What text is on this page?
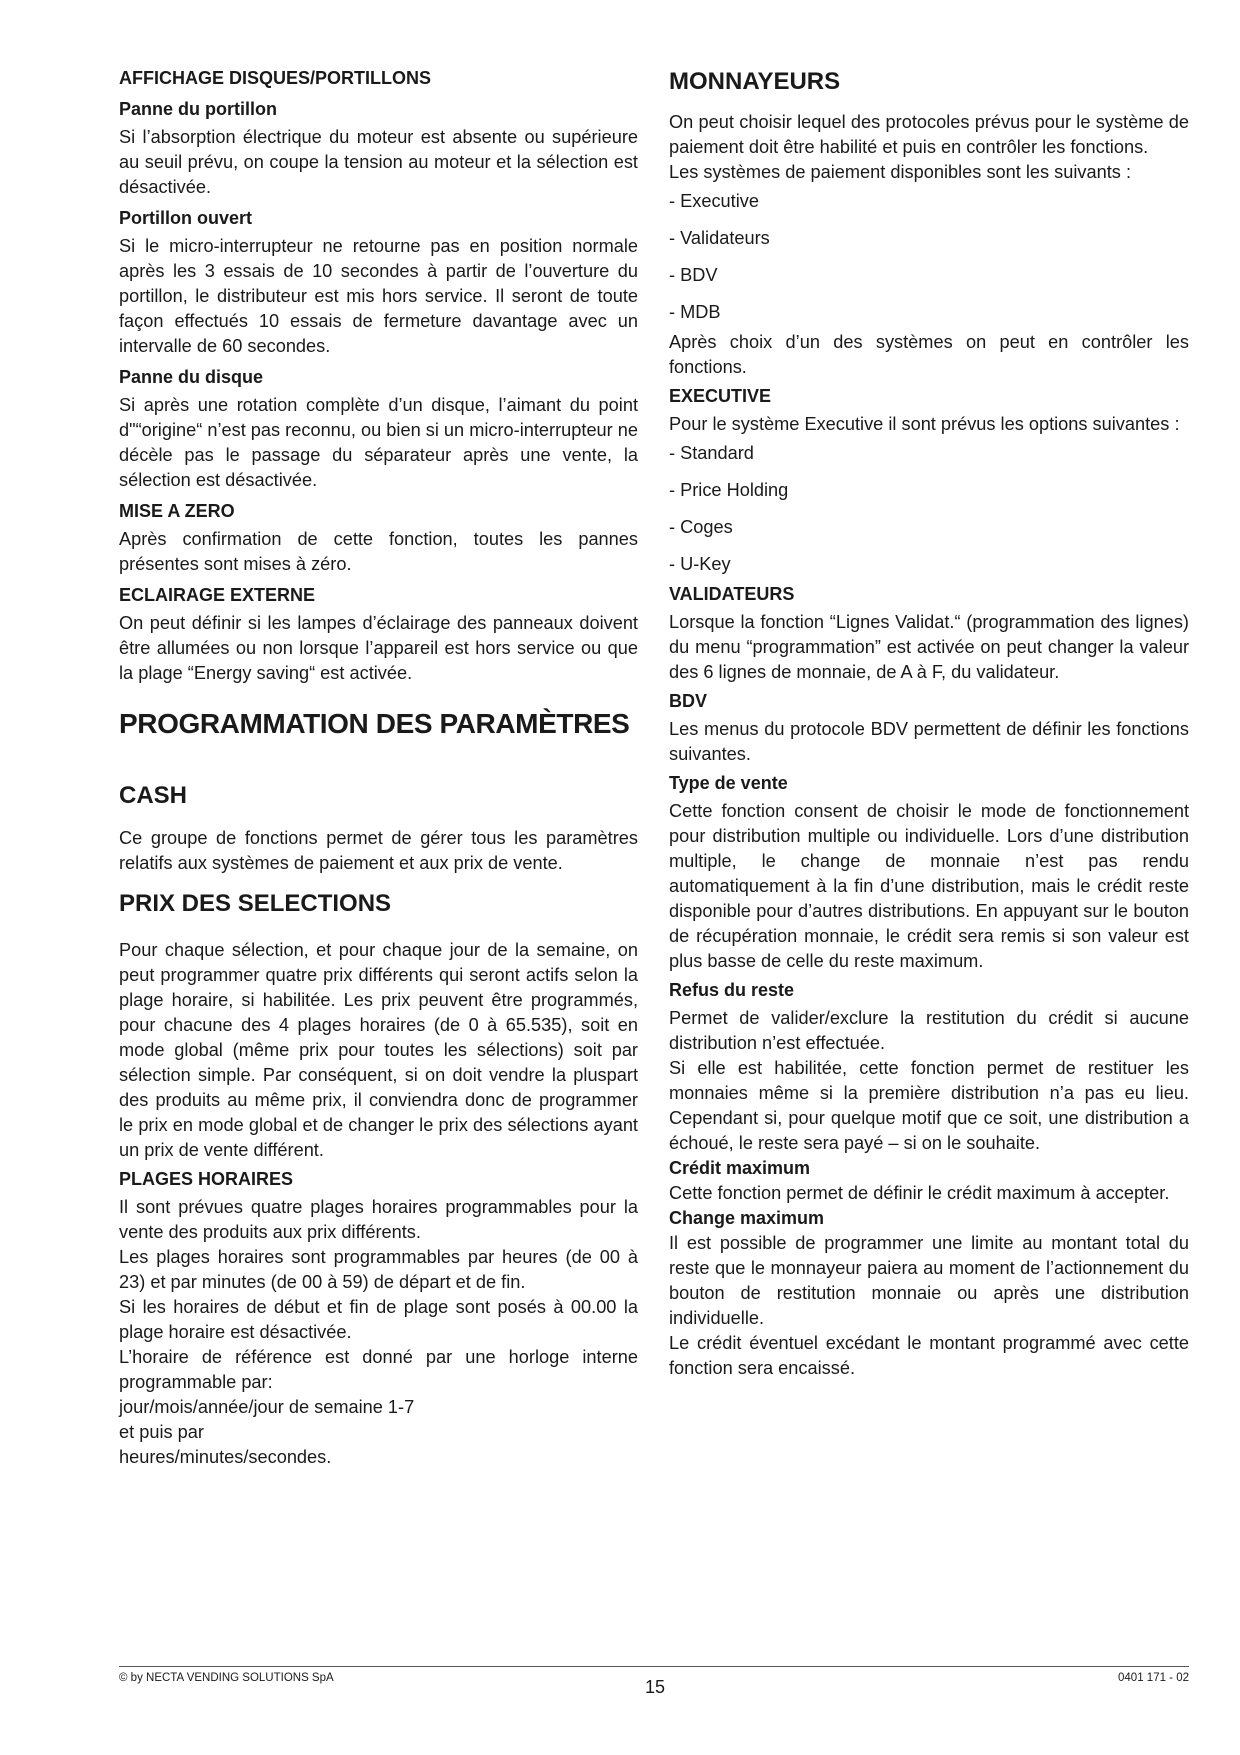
AFFICHAGE DISQUES/PORTILLONS

Panne du portillon

Si l’absorption électrique du moteur est absente ou supérieure au seuil prévu, on coupe la tension au moteur et la sélection est désactivée.

Portillon ouvert

Si le micro-interrupteur ne retourne pas en position normale après les 3 essais de 10 secondes à partir de l’ouverture du portillon, le distributeur est mis hors service. Il seront de toute façon effectués 10 essais de fermeture davantage avec un intervalle de 60 secondes.

Panne du disque

Si après une rotation complète d’un disque, l’aimant du point d"“origine“ n’est pas reconnu, ou bien si un micro-interrupteur ne décèle pas le passage du séparateur après une vente, la sélection est désactivée.

MISE A ZERO

Après confirmation de cette fonction, toutes les pannes présentes sont mises à zéro.

ECLAIRAGE EXTERNE

On peut définir si les lampes d’éclairage des panneaux doivent être allumées ou non lorsque l’appareil est hors service ou que la plage “Energy saving“ est activée.

PROGRAMMATION DES PARAMÈTRES

CASH

Ce groupe de fonctions permet de gérer tous les paramètres relatifs aux systèmes de paiement et aux prix de vente.

PRIX DES SELECTIONS

Pour chaque sélection, et pour chaque jour de la semaine, on peut programmer quatre prix différents qui seront actifs selon la plage horaire, si habilitée. Les prix peuvent être programmés, pour chacune des 4 plages horaires (de 0 à 65.535), soit en mode global (même prix pour toutes les sélections) soit par sélection simple. Par conséquent, si on doit vendre la pluspart des produits au même prix, il conviendra donc de programmer le prix en mode global et de changer le prix des sélections ayant un prix de vente différent.

PLAGES HORAIRES

Il sont prévues quatre plages horaires programmables pour la vente des produits aux prix différents.

Les plages horaires sont programmables par heures (de 00 à 23) et par minutes (de 00 à 59) de départ et de fin.

Si les horaires de début et fin de plage sont posés à 00.00 la plage horaire est désactivée.

L’horaire de référence est donné par une horloge interne programmable par:

jour/mois/année/jour de semaine 1-7

et puis par

heures/minutes/secondes.

MONNAYEURS

On peut choisir lequel des protocoles prévus pour le système de paiement doit être habilité et puis en contrôler les fonctions.

Les systèmes de paiement disponibles sont les suivants :

- Executive

- Validateurs

- BDV

- MDB

Après choix d’un des systèmes on peut en contrôler les fonctions.

EXECUTIVE

Pour le système Executive il sont prévus les options suivantes :

- Standard

- Price Holding

- Coges

- U-Key

VALIDATEURS

Lorsque la fonction “Lignes Validat.“ (programmation des lignes) du menu “programmation” est activée on peut changer la valeur des 6 lignes de monnaie, de A à F, du validateur.

BDV

Les menus du protocole BDV permettent de définir les fonctions suivantes.

Type de vente

Cette fonction consent de choisir le mode de fonctionnement pour distribution multiple ou individuelle. Lors d’une distribution multiple, le change de monnaie n’est pas rendu automatiquement à la fin d’une distribution, mais le crédit reste disponible pour d’autres distributions. En appuyant sur le bouton de récupération monnaie, le crédit sera remis si son valeur est plus basse de celle du reste maximum.

Refus du reste

Permet de valider/exclure la restitution du crédit si aucune distribution n’est effectuée.

Si elle est habilitée, cette fonction permet de restituer les monnaies même si la première distribution n’a pas eu lieu. Cependant si, pour quelque motif que ce soit, une distribution a échoué, le reste sera payé – si on le souhaite.

Crédit maximum

Cette fonction permet de définir le crédit maximum à accepter.

Change maximum

Il est possible de programmer une limite au montant total du reste que le monnayeur paiera au moment de l’actionnement du bouton de restitution monnaie ou après une distribution individuelle.

Le crédit éventuel excédant le montant programmé avec cette fonction sera encaissé.

© by NECTA VENDING SOLUTIONS SpA	15	0401 171 - 02
